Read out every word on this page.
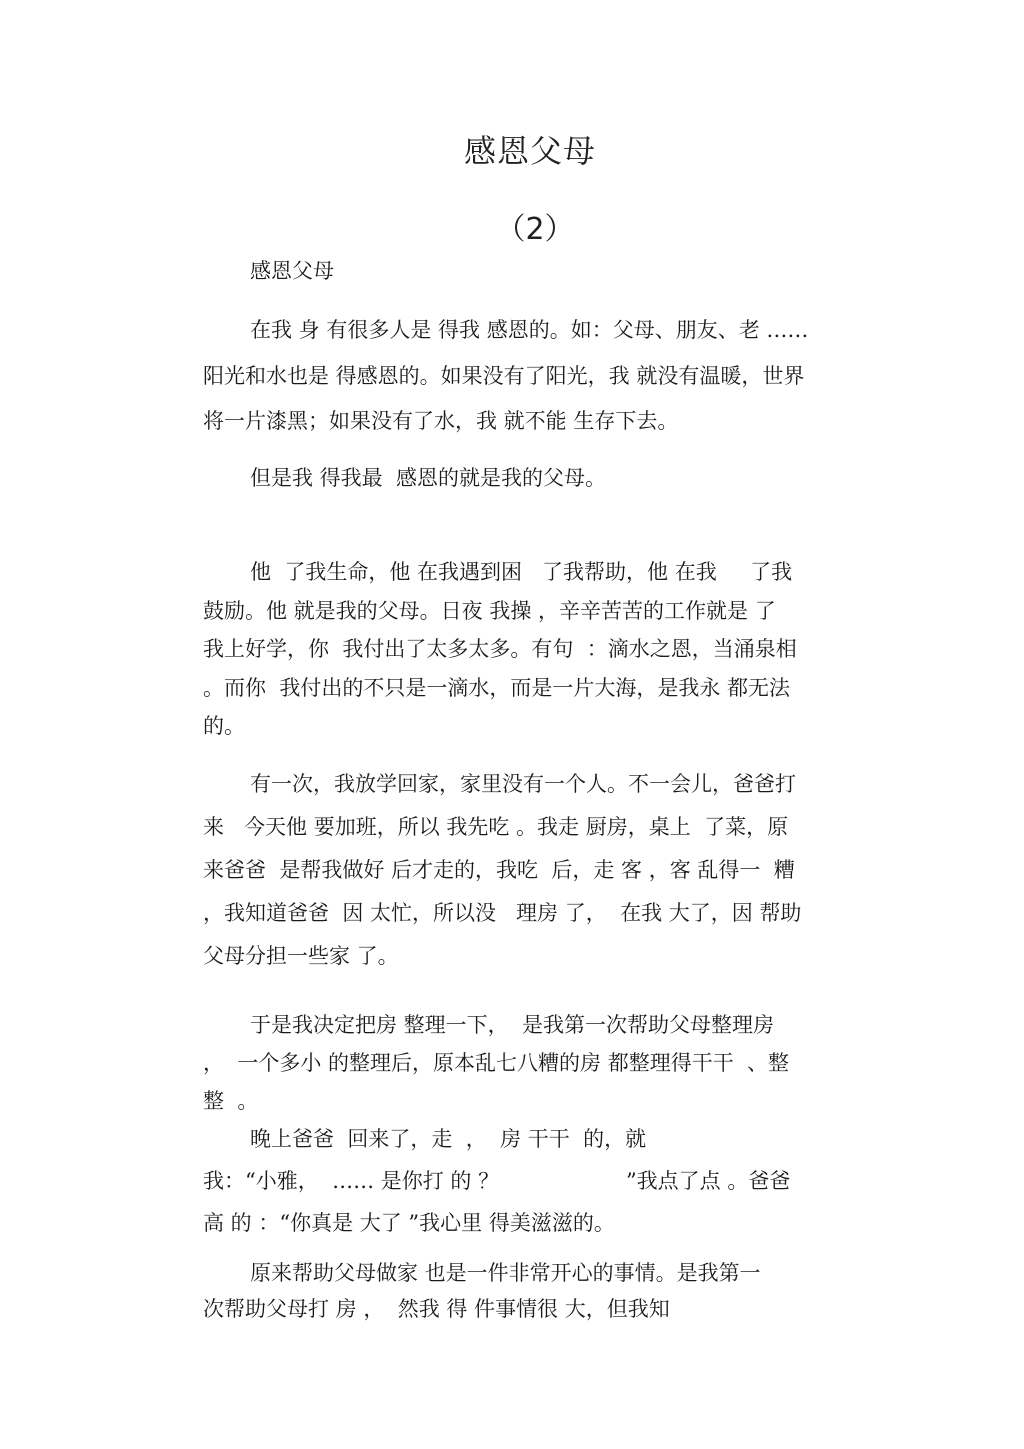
感恩父母
（2）
感恩父母
在我 身 有很多人是 得我 感恩的。如：父母、朋友、老 ……
阳光和水也是 得感恩的。如果没有了阳光，我 就没有温暖，世界
将一片漆黑；如果没有了水，我 就不能 生存下去。
但是我 得我最  感恩的就是我的父母。
他  了我生命，他 在我遇到困   了我帮助，他 在我     了我
鼓励。他 就是我的父母。日夜 我操 ，辛辛苦苦的工作就是 了
我上好学，你  我付出了太多太多。有句  ：滴水之恩，当涌泉相
。而你  我付出的不只是一滴水，而是一片大海，是我永 都无法
的。
有一次，我放学回家，家里没有一个人。不一会儿，爸爸打
来   今天他 要加班，所以 我先吃 。我走 厨房，桌上  了菜，原
来爸爸  是帮我做好 后才走的，我吃  后，走 客 ，客 乱得一  糟
，我知道爸爸  因 太忙，所以没   理房 了，  在我 大了，因 帮助
父母分担一些家 了。
于是我决定把房 整理一下，  是我第一次帮助父母整理房
，  一个多小 的整理后，原本乱七八糟的房 都整理得干干  、整
整  。
晚上爸爸  回来了，走  ，  房 干干  的，就
我：“小雅，  …… 是你打 的 ？                   ”我点了点 。爸爸
高 的 ：“你真是 大了 ”我心里 得美滋滋的。
原来帮助父母做家 也是一件非常开心的事情。是我第一
次帮助父母打 房 ，  然我 得 件事情很 大，但我知
